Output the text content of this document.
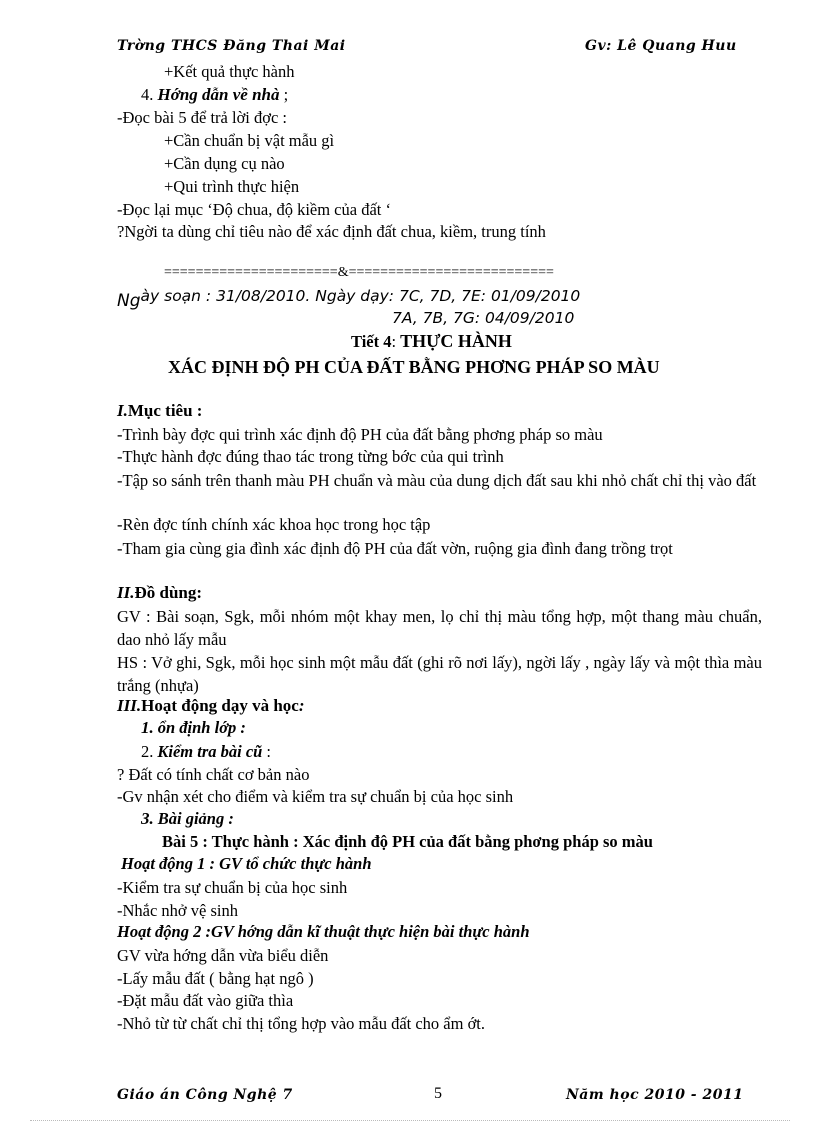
Trờng THCS Đăng Thai Mai	Gv: Lê Quang Huu
+Kết quả thực hành
4. Hớng dẫn về nhà ;
-Đọc bài 5 để trả lời đợc :
+Cần chuẩn bị vật mẫu gì
+Cần dụng cụ nào
+Qui trình thực hiện
-Đọc lại mục ‘Độ chua, độ kiềm của đất ‘
?Ngời ta dùng chỉ tiêu nào để xác định đất chua, kiềm, trung tính
======================&==========================
Ngày soạn : 31/08/2010. Ngày dạy: 7C, 7D, 7E: 01/09/2010
7A, 7B, 7G: 04/09/2010
Tiết 4: THỰC HÀNH
XÁC ĐỊNH ĐỘ PH CỦA ĐẤT BẰNG PHƠNG PHÁP SO MÀU
I.Mục tiêu :
-Trình bày đợc qui trình xác định độ PH của đất bằng phơng pháp so màu
-Thực hành đợc đúng thao tác trong từng bớc của qui trình
-Tập so sánh trên thanh màu PH chuẩn và màu của dung dịch đất sau khi nhỏ chất chỉ thị vào đất
-Rèn đợc tính chính xác khoa học trong học tập
-Tham gia cùng gia đình xác định độ PH của đất vờn, ruộng gia đình đang trồng trọt
II.Đồ dùng:
GV : Bài soạn, Sgk, mỗi nhóm một khay men, lọ chỉ thị màu tổng hợp, một thang màu chuẩn, dao nhỏ lấy mẫu
HS : Vở ghi, Sgk, mỗi học sinh một mẫu đất (ghi rõ nơi lấy), ngời lấy , ngày lấy và một thìa màu trắng (nhựa)
III.Hoạt động dạy và học:
1. ổn định lớp :
2. Kiểm tra bài cũ :
? Đất có tính chất cơ bản nào
-Gv nhận xét cho điểm và kiểm tra sự chuẩn bị của học sinh
3. Bài giảng :
Bài 5 : Thực hành : Xác định độ PH của đất bằng phơng pháp so màu
Hoạt động 1 : GV tổ chức thực hành
-Kiểm tra sự chuẩn bị của học sinh
-Nhắc nhở vệ sinh
Hoạt động 2 :GV hớng dẫn kĩ thuật thực hiện bài thực hành
GV vừa hớng dẫn vừa biểu diễn
-Lấy mẫu đất ( bằng hạt ngô )
-Đặt mẫu đất vào giữa thìa
-Nhỏ từ từ chất chỉ thị tổng hợp vào mẫu đất cho ẩm ớt.
Giáo án Công Nghệ 7	5	Năm học 2010 - 2011
